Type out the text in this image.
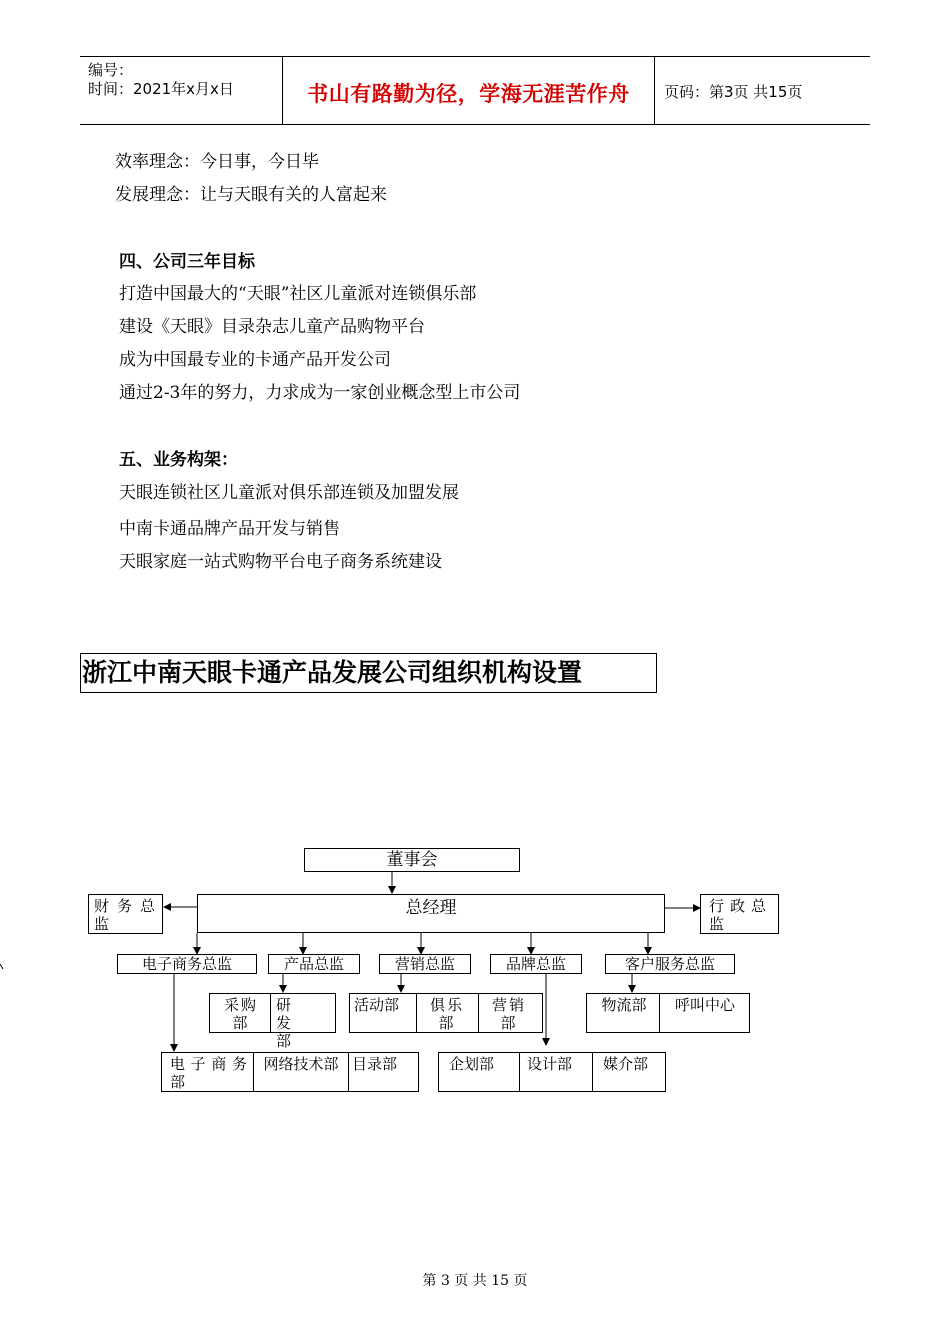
编号：
时间：2021年x月x日	书山有路勤为径，学海无涯苦作舟	页码：第3页 共15页
效率理念：今日事，今日毕
发展理念：让与天眼有关的人富起来
四、公司三年目标
打造中国最大的“天眼”社区儿童派对连锁俱乐部
建设《天眼》目录杂志儿童产品购物平台
成为中国最专业的卡通产品开发公司
通过2-3年的努力，力求成为一家创业概念型上市公司
五、业务构架：
天眼连锁社区儿童派对俱乐部连锁及加盟发展
中南卡通品牌产品开发与销售
天眼家庭一站式购物平台电子商务系统建设
浙江中南天眼卡通产品发展公司组织机构设置
董事会
总经理
财务总监
行政总监
电子商务总监	产品总监	营销总监	品牌总监	客户服务总监
采购部
研发部
活动部	俱乐部
营销部
物流部	呼叫中心
电子商务部
网络技术部 目录部	企划部	设计部	媒介部
第 3 页 共 15 页
